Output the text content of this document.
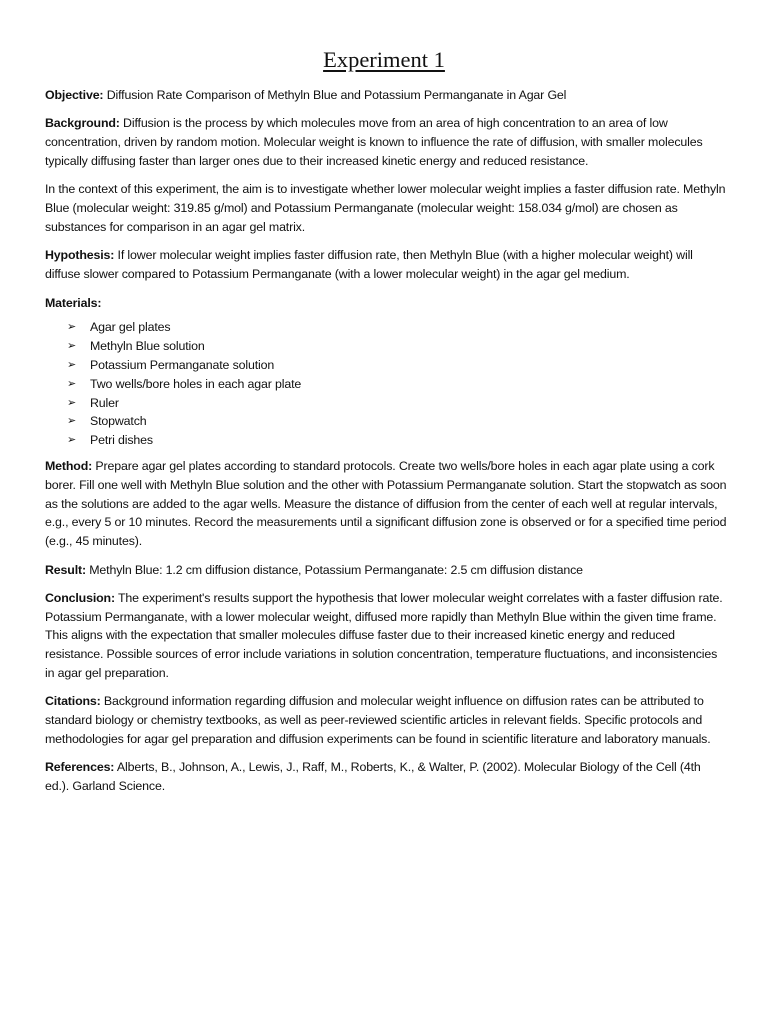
Experiment 1

Objective: Diffusion Rate Comparison of Methyln Blue and Potassium Permanganate in Agar Gel

Background: Diffusion is the process by which molecules move from an area of high concentration to an area of low concentration, driven by random motion. Molecular weight is known to influence the rate of diffusion, with smaller molecules typically diffusing faster than larger ones due to their increased kinetic energy and reduced resistance.

In the context of this experiment, the aim is to investigate whether lower molecular weight implies a faster diffusion rate. Methyln Blue (molecular weight: 319.85 g/mol) and Potassium Permanganate (molecular weight: 158.034 g/mol) are chosen as substances for comparison in an agar gel matrix.

Hypothesis: If lower molecular weight implies faster diffusion rate, then Methyln Blue (with a higher molecular weight) will diffuse slower compared to Potassium Permanganate (with a lower molecular weight) in the agar gel medium.

Materials:

➢ Agar gel plates
➢ Methyln Blue solution
➢ Potassium Permanganate solution
➢ Two wells/bore holes in each agar plate
➢ Ruler
➢ Stopwatch
➢ Petri dishes

Method: Prepare agar gel plates according to standard protocols. Create two wells/bore holes in each agar plate using a cork borer. Fill one well with Methyln Blue solution and the other with Potassium Permanganate solution. Start the stopwatch as soon as the solutions are added to the agar wells. Measure the distance of diffusion from the center of each well at regular intervals, e.g., every 5 or 10 minutes. Record the measurements until a significant diffusion zone is observed or for a specified time period (e.g., 45 minutes).

Result: Methyln Blue: 1.2 cm diffusion distance, Potassium Permanganate: 2.5 cm diffusion distance

Conclusion: The experiment's results support the hypothesis that lower molecular weight correlates with a faster diffusion rate. Potassium Permanganate, with a lower molecular weight, diffused more rapidly than Methyln Blue within the given time frame. This aligns with the expectation that smaller molecules diffuse faster due to their increased kinetic energy and reduced resistance. Possible sources of error include variations in solution concentration, temperature fluctuations, and inconsistencies in agar gel preparation.

Citations: Background information regarding diffusion and molecular weight influence on diffusion rates can be attributed to standard biology or chemistry textbooks, as well as peer-reviewed scientific articles in relevant fields. Specific protocols and methodologies for agar gel preparation and diffusion experiments can be found in scientific literature and laboratory manuals.

References: Alberts, B., Johnson, A., Lewis, J., Raff, M., Roberts, K., & Walter, P. (2002). Molecular Biology of the Cell (4th ed.). Garland Science.
